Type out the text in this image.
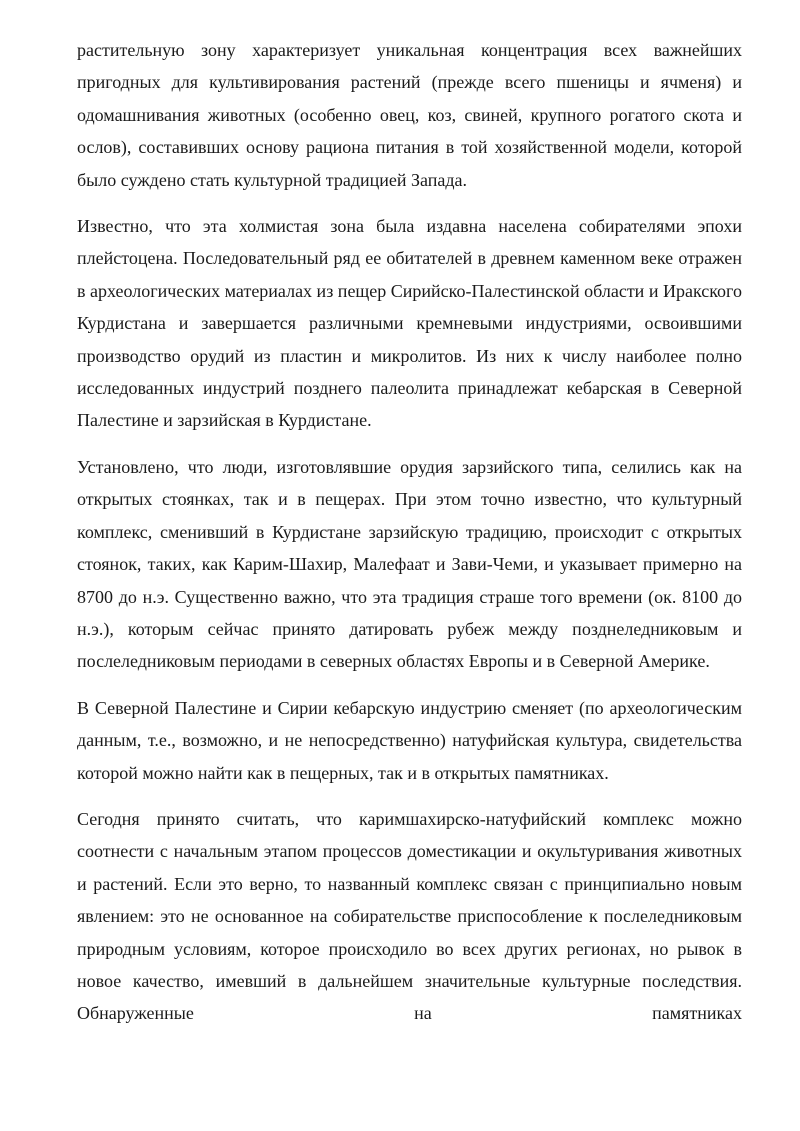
растительную зону характеризует уникальная концентрация всех важнейших пригодных для культивирования растений (прежде всего пшеницы и ячменя) и одомашнивания животных (особенно овец, коз, свиней, крупного рогатого скота и ослов), составивших основу рациона питания в той хозяйственной модели, которой было суждено стать культурной традицией Запада.

Известно, что эта холмистая зона была издавна населена собирателями эпохи плейстоцена. Последовательный ряд ее обитателей в древнем каменном веке отражен в археологических материалах из пещер Сирийско-Палестинской области и Иракского Курдистана и завершается различными кремневыми индустриями, освоившими производство орудий из пластин и микролитов. Из них к числу наиболее полно исследованных индустрий позднего палеолита принадлежат кебарская в Северной Палестине и зарзийская в Курдистане.

Установлено, что люди, изготовлявшие орудия зарзийского типа, селились как на открытых стоянках, так и в пещерах. При этом точно известно, что культурный комплекс, сменивший в Курдистане зарзийскую традицию, происходит с открытых стоянок, таких, как Карим-Шахир, Малефаат и Зави-Чеми, и указывает примерно на 8700 до н.э. Существенно важно, что эта традиция страше того времени (ок. 8100 до н.э.), которым сейчас принято датировать рубеж между позднеледниковым и послеледниковым периодами в северных областях Европы и в Северной Америке.

В Северной Палестине и Сирии кебарскую индустрию сменяет (по археологическим данным, т.е., возможно, и не непосредственно) натуфийская культура, свидетельства которой можно найти как в пещерных, так и в открытых памятниках.

Сегодня принято считать, что каримшахирско-натуфийский комплекс можно соотнести с начальным этапом процессов доместикации и окультуривания животных и растений. Если это верно, то названный комплекс связан с принципиально новым явлением: это не основанное на собирательстве приспособление к послеледниковым природным условиям, которое происходило во всех других регионах, но рывок в новое качество, имевший в дальнейшем значительные культурные последствия. Обнаруженные на памятниках
